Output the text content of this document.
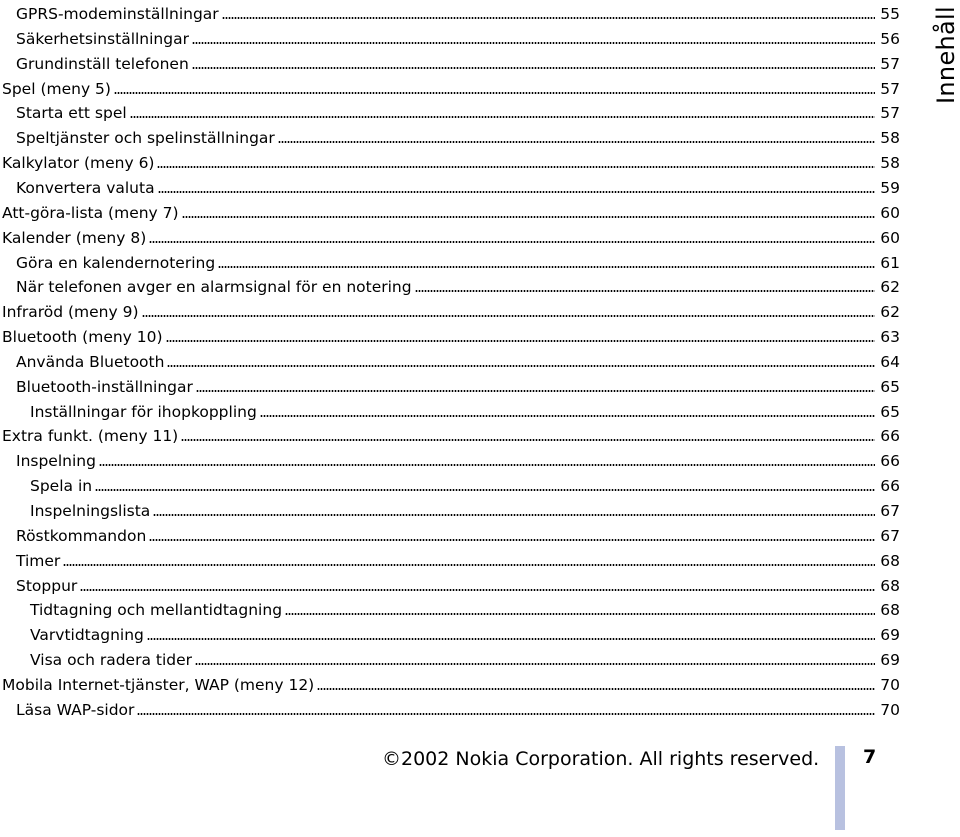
GPRS-modeminställningar	55
Säkerhetsinställningar	56
Grundinställ telefonen	57
Spel (meny 5)	57
Starta ett spel	57
Speltjänster och spelinställningar	58
Kalkylator (meny 6)	58
Konvertera valuta	59
Att-göra-lista (meny 7)	60
Kalender (meny 8)	60
Göra en kalendernotering	61
När telefonen avger en alarmsignal för en notering	62
Infraröd (meny 9)	62
Bluetooth (meny 10)	63
Använda Bluetooth	64
Bluetooth-inställningar	65
Inställningar för ihopkoppling	65
Extra funkt. (meny 11)	66
Inspelning	66
Spela in	66
Inspelningslista	67
Röstkommandon	67
Timer	68
Stoppur	68
Tidtagning och mellantidtagning	68
Varvtidtagning	69
Visa och radera tider	69
Mobila Internet-tjänster, WAP (meny 12)	70
Läsa WAP-sidor	70
Innehåll
©2002 Nokia Corporation. All rights reserved. 7
